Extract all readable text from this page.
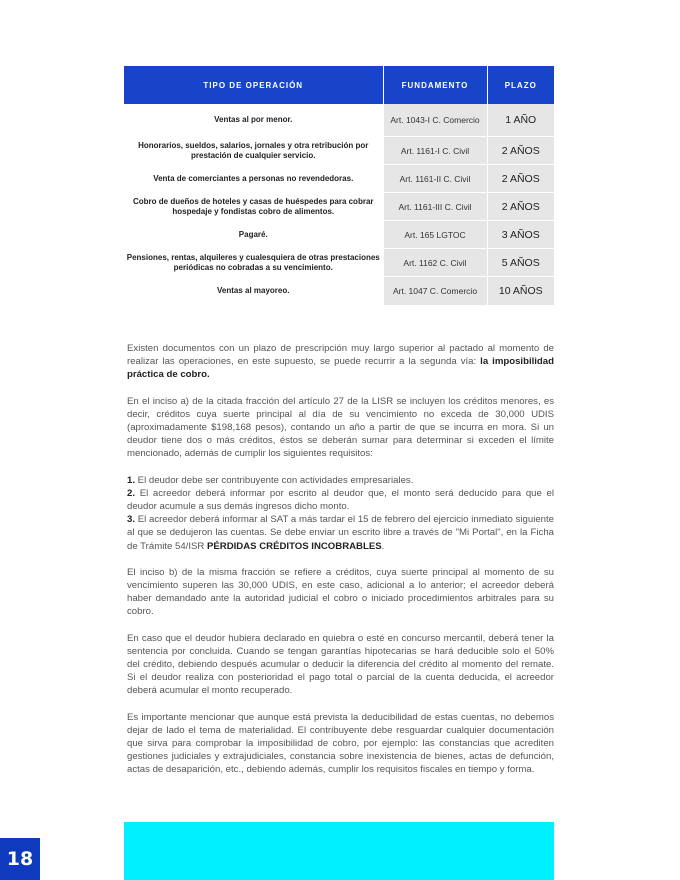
TIPO DE OPERACIÓN	FUNDAMENTO	PLAZO
Ventas al por menor.	Art. 1043-I C. Comercio	1 AÑO
Honorarios, sueldos, salarios, jornales y otra retribución por prestación de cualquier servicio.	Art. 1161-I C. Civil	2 AÑOS
Venta de comerciantes a personas no revendedoras.	Art. 1161-II C. Civil	2 AÑOS
Cobro de dueños de hoteles y casas de huéspedes para cobrar hospedaje y fondistas cobro de alimentos.	Art. 1161-III C. Civil	2 AÑOS
Pagaré.	Art. 165 LGTOC	3 AÑOS
Pensiones, rentas, alquileres y cualesquiera de otras prestaciones periódicas no cobradas a su vencimiento.	Art. 1162 C. Civil	5 AÑOS
Ventas al mayoreo.	Art. 1047 C. Comercio	10 AÑOS

Existen documentos con un plazo de prescripción muy largo superior al pactado al momento de realizar las operaciones, en este supuesto, se puede recurrir a la segunda vía: la imposibilidad práctica de cobro.

En el inciso a) de la citada fracción del artículo 27 de la LISR se incluyen los créditos menores, es decir, créditos cuya suerte principal al día de su vencimiento no exceda de 30,000 UDIS (aproximadamente $198,168 pesos), contando un año a partir de que se incurra en mora. Si un deudor tiene dos o más créditos, éstos se deberán sumar para determinar si exceden el límite mencionado, además de cumplir los siguientes requisitos:

1. El deudor debe ser contribuyente con actividades empresariales.

2. El acreedor deberá informar por escrito al deudor que, el monto será deducido para que el deudor acumule a sus demás ingresos dicho monto.

3. El acreedor deberá informar al SAT a más tardar el 15 de febrero del ejercicio inmediato siguiente al que se dedujeron las cuentas. Se debe enviar un escrito libre a través de "Mi Portal", en la Ficha de Trámite 54/ISR PÉRDIDAS CRÉDITOS INCOBRABLES.

El inciso b) de la misma fracción se refiere a créditos, cuya suerte principal al momento de su vencimiento superen las 30,000 UDIS, en este caso, adicional a lo anterior; el acreedor deberá haber demandado ante la autoridad judicial el cobro o iniciado procedimientos arbitrales para su cobro.

En caso que el deudor hubiera declarado en quiebra o esté en concurso mercantil, deberá tener la sentencia por concluida. Cuando se tengan garantías hipotecarias se hará deducible solo el 50% del crédito, debiendo después acumular o deducir la diferencia del crédito al momento del remate. Si el deudor realiza con posterioridad el pago total o parcial de la cuenta deducida, el acreedor deberá acumular el monto recuperado.

Es importante mencionar que aunque está prevista la deducibilidad de estas cuentas, no debemos dejar de lado el tema de materialidad. El contribuyente debe resguardar cualquier documentación que sirva para comprobar la imposibilidad de cobro, por ejemplo: las constancias que acrediten gestiones judiciales y extrajudiciales, constancia sobre inexistencia de bienes, actas de defunción, actas de desaparición, etc., debiendo además, cumplir los requisitos fiscales en tiempo y forma.

18
